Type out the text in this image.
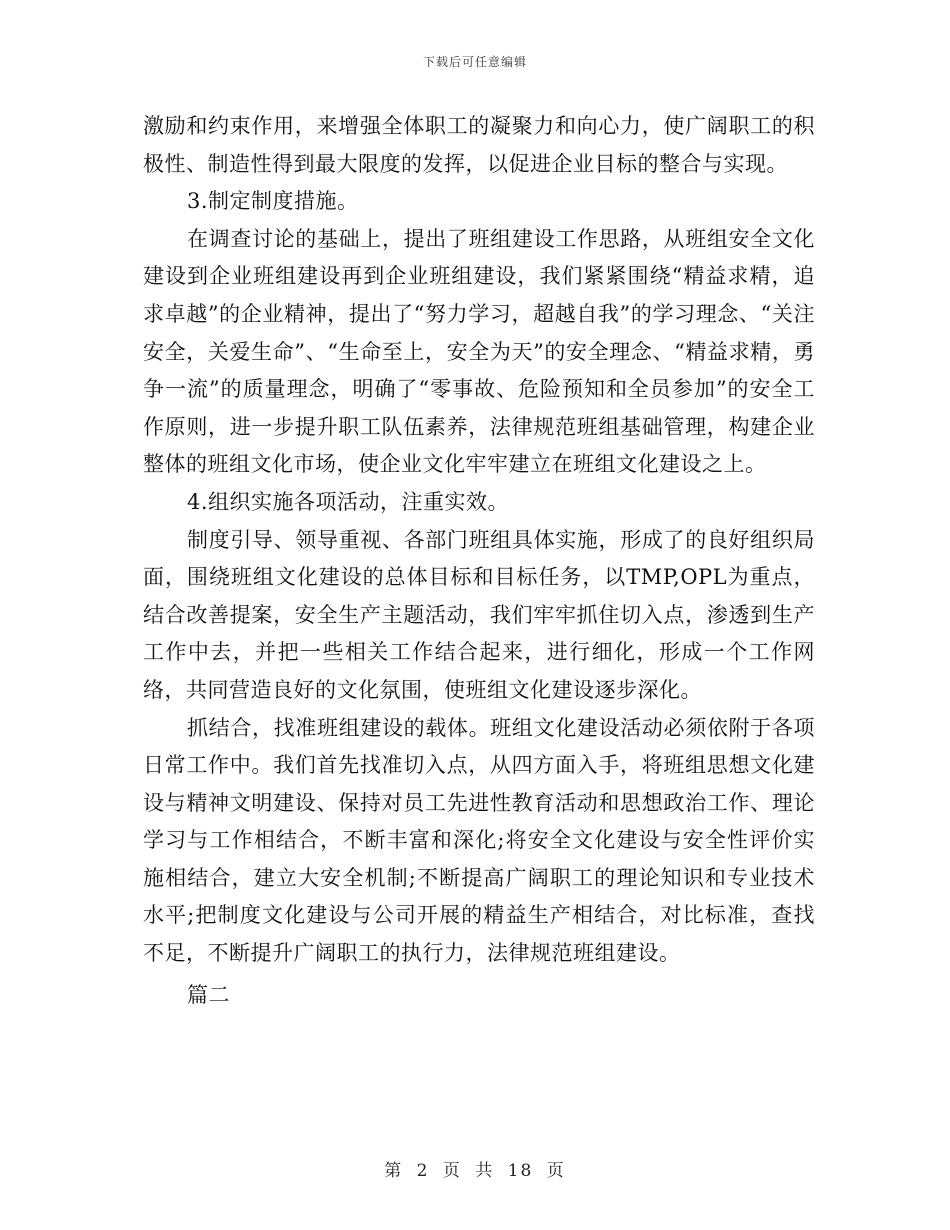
下载后可任意编辑

激励和约束作用，来增强全体职工的凝聚力和向心力，使广阔职工的积极性、制造性得到最大限度的发挥，以促进企业目标的整合与实现。

3.制定制度措施。

在调查讨论的基础上，提出了班组建设工作思路，从班组安全文化建设到企业班组建设再到企业班组建设，我们紧紧围绕“精益求精，追求卓越”的企业精神，提出了“努力学习，超越自我”的学习理念、“关注安全，关爱生命”、“生命至上，安全为天”的安全理念、“精益求精，勇争一流”的质量理念，明确了“零事故、危险预知和全员参加”的安全工作原则，进一步提升职工队伍素养，法律规范班组基础管理，构建企业整体的班组文化市场，使企业文化牢牢建立在班组文化建设之上。

4.组织实施各项活动，注重实效。

制度引导、领导重视、各部门班组具体实施，形成了的良好组织局面，围绕班组文化建设的总体目标和目标任务，以TMP,OPL为重点，结合改善提案，安全生产主题活动，我们牢牢抓住切入点，渗透到生产工作中去，并把一些相关工作结合起来，进行细化，形成一个工作网络，共同营造良好的文化氛围，使班组文化建设逐步深化。

抓结合，找准班组建设的载体。班组文化建设活动必须依附于各项日常工作中。我们首先找准切入点，从四方面入手，将班组思想文化建设与精神文明建设、保持对员工先进性教育活动和思想政治工作、理论学习与工作相结合，不断丰富和深化;将安全文化建设与安全性评价实施相结合，建立大安全机制;不断提高广阔职工的理论知识和专业技术水平;把制度文化建设与公司开展的精益生产相结合，对比标准，查找不足，不断提升广阔职工的执行力，法律规范班组建设。

篇二

第 2 页 共 18 页
